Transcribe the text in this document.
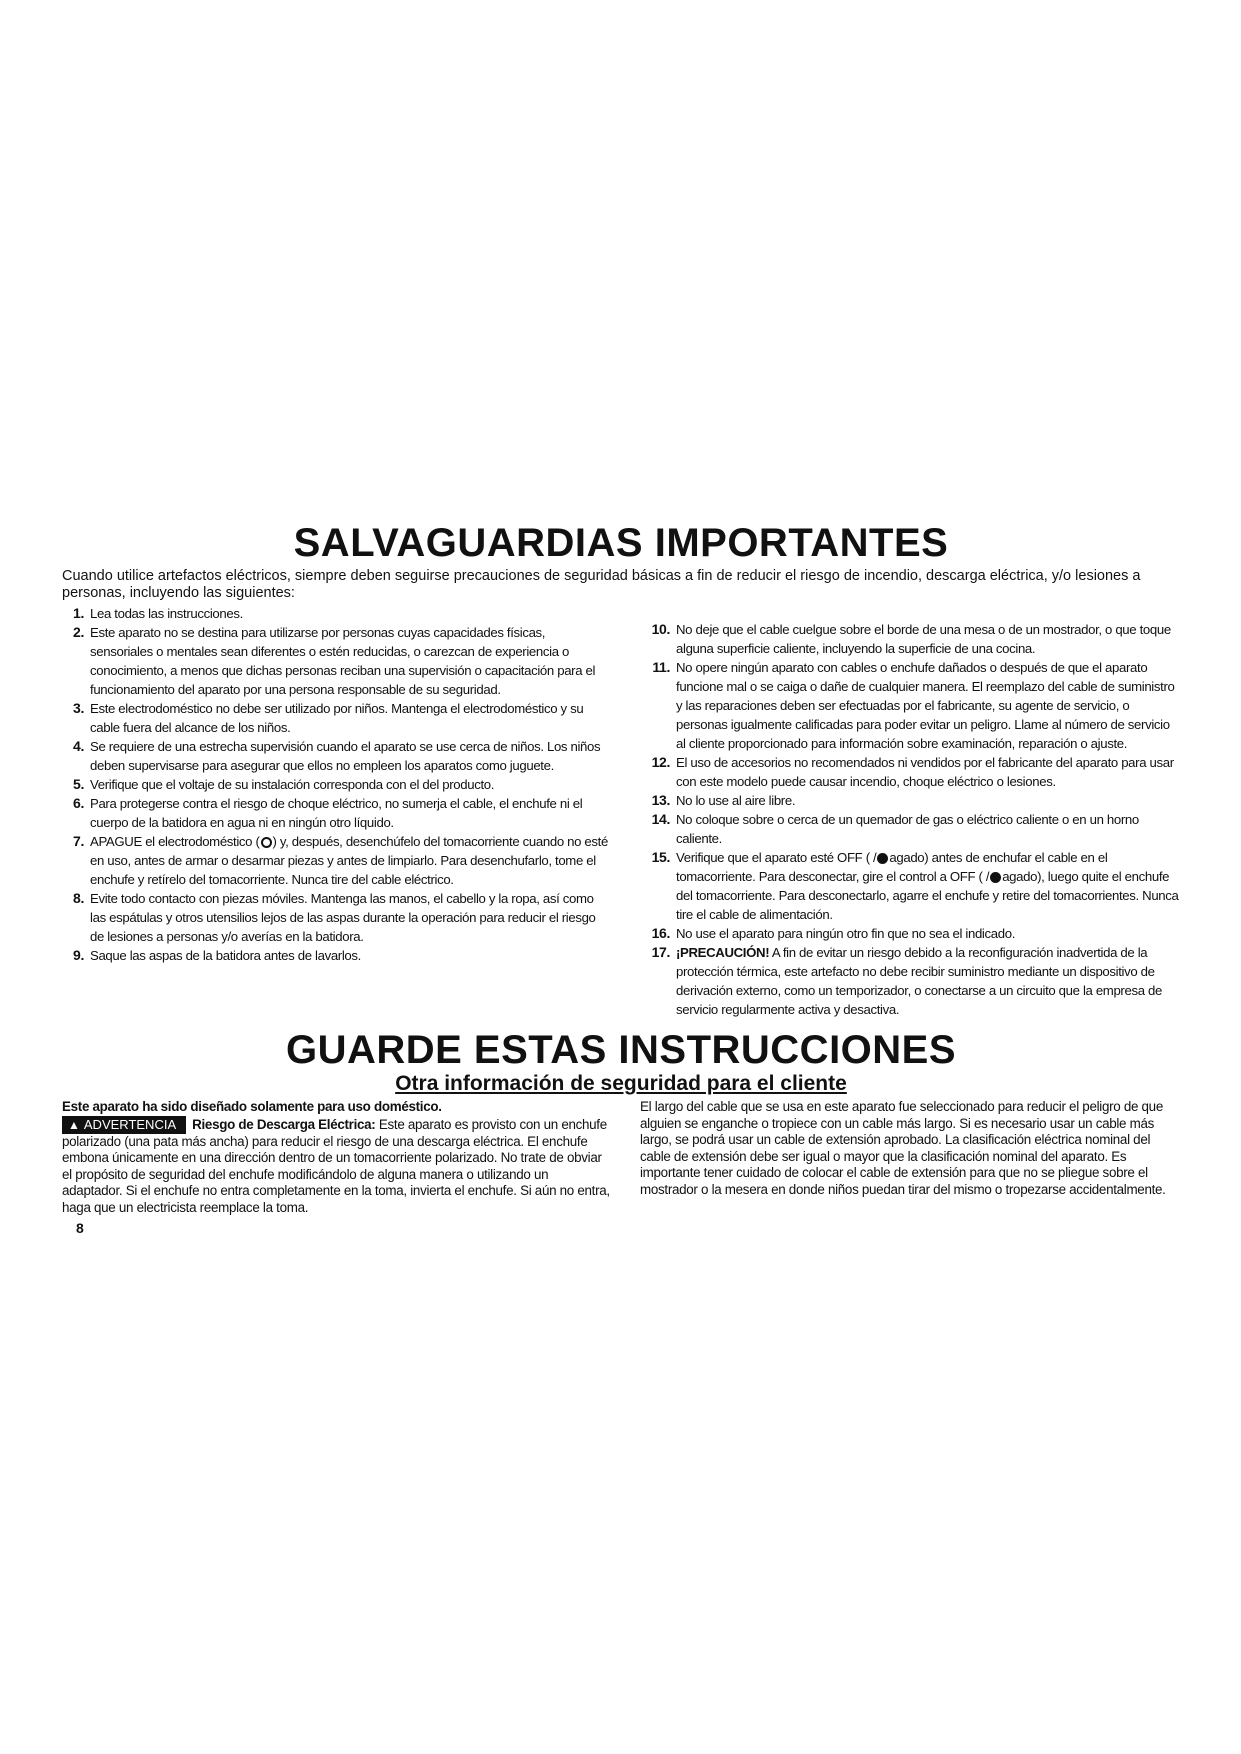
SALVAGUARDIAS IMPORTANTES

Cuando utilice artefactos eléctricos, siempre deben seguirse precauciones de seguridad básicas a fin de reducir el riesgo de incendio, descarga eléctrica, y/o lesiones a personas, incluyendo las siguientes:

1. Lea todas las instrucciones.
2. Este aparato no se destina para utilizarse por personas cuyas capacidades físicas, sensoriales o mentales sean diferentes o estén reducidas, o carezcan de experiencia o conocimiento, a menos que dichas personas reciban una supervisión o capacitación para el funcionamiento del aparato por una persona responsable de su seguridad.
3. Este electrodoméstico no debe ser utilizado por niños. Mantenga el electrodoméstico y su cable fuera del alcance de los niños.
4. Se requiere de una estrecha supervisión cuando el aparato se use cerca de niños. Los niños deben supervisarse para asegurar que ellos no empleen los aparatos como juguete.
5. Verifique que el voltaje de su instalación corresponda con el del producto.
6. Para protegerse contra el riesgo de choque eléctrico, no sumerja el cable, el enchufe ni el cuerpo de la batidora en agua ni en ningún otro líquido.
7. APAGUE el electrodoméstico ( ) y, después, desenchúfelo del tomacorriente cuando no esté en uso, antes de armar o desarmar piezas y antes de limpiarlo. Para desenchufarlo, tome el enchufe y retírelo del tomacorriente. Nunca tire del cable eléctrico.
8. Evite todo contacto con piezas móviles. Mantenga las manos, el cabello y la ropa, así como las espátulas y otros utensilios lejos de las aspas durante la operación para reducir el riesgo de lesiones a personas y/o averías en la batidora.
9. Saque las aspas de la batidora antes de lavarlos.
10. No deje que el cable cuelgue sobre el borde de una mesa o de un mostrador, o que toque alguna superficie caliente, incluyendo la superficie de una cocina.
11. No opere ningún aparato con cables o enchufe dañados o después de que el aparato funcione mal o se caiga o dañe de cualquier manera. El reemplazo del cable de suministro y las reparaciones deben ser efectuadas por el fabricante, su agente de servicio, o personas igualmente calificadas para poder evitar un peligro. Llame al número de servicio al cliente proporcionado para información sobre examinación, reparación o ajuste.
12. El uso de accesorios no recomendados ni vendidos por el fabricante del aparato para usar con este modelo puede causar incendio, choque eléctrico o lesiones.
13. No lo use al aire libre.
14. No coloque sobre o cerca de un quemador de gas o eléctrico caliente o en un horno caliente.
15. Verifique que el aparato esté OFF ( / agado) antes de enchufar el cable en el tomacorriente. Para desconectar, gire el control a OFF ( / agado), luego quite el enchufe del tomacorriente. Para desconectarlo, agarre el enchufe y retire del tomacorrientes. Nunca tire el cable de alimentación.
16. No use el aparato para ningún otro fin que no sea el indicado.
17. ¡PRECAUCIÓN! A fin de evitar un riesgo debido a la reconfiguración inadvertida de la protección térmica, este artefacto no debe recibir suministro mediante un dispositivo de derivación externo, como un temporizador, o conectarse a un circuito que la empresa de servicio regularmente activa y desactiva.
GUARDE ESTAS INSTRUCCIONES
Otra información de seguridad para el cliente

Este aparato ha sido diseñado solamente para uso doméstico.

▲ ADVERTENCIA Riesgo de Descarga Eléctrica: Este aparato es provisto con un enchufe polarizado (una pata más ancha) para reducir el riesgo de una descarga eléctrica. El enchufe embona únicamente en una dirección dentro de un tomacorriente polarizado. No trate de obviar el propósito de seguridad del enchufe modificándolo de alguna manera o utilizando un adaptador. Si el enchufe no entra completamente en la toma, invierta el enchufe. Si aún no entra, haga que un electricista reemplace la toma.

8

El largo del cable que se usa en este aparato fue seleccionado para reducir el peligro de que alguien se enganche o tropiece con un cable más largo. Si es necesario usar un cable más largo, se podrá usar un cable de extensión aprobado. La clasificación eléctrica nominal del cable de extensión debe ser igual o mayor que la clasificación nominal del aparato. Es importante tener cuidado de colocar el cable de extensión para que no se pliegue sobre el mostrador o la mesera en donde niños puedan tirar del mismo o tropezarse accidentalmente.
